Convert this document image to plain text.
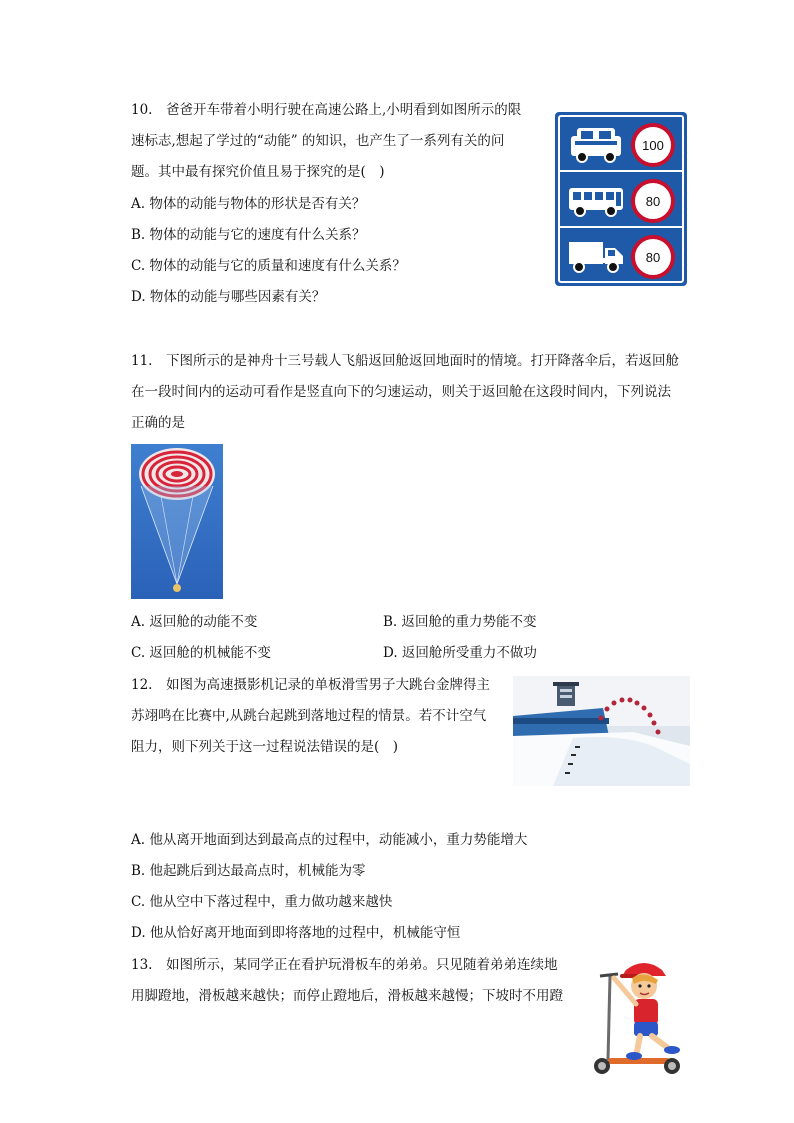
10.　爸爸开车带着小明行驶在高速公路上,小明看到如图所示的限
速标志,想起了学过的“动能” 的知识，也产生了一系列有关的问
题。其中最有探究价值且易于探究的是(　)
A. 物体的动能与物体的形状是否有关？
B. 物体的动能与它的速度有什么关系？
C. 物体的动能与它的质量和速度有什么关系？
D. 物体的动能与哪些因素有关？
100
80
80
11.　下图所示的是神舟十三号载人飞船返回舱返回地面时的情境。打开降落伞后，若返回舱
在一段时间内的运动可看作是竖直向下的匀速运动，则关于返回舱在这段时间内，下列说法
正确的是
A. 返回舱的动能不变	B. 返回舱的重力势能不变
C. 返回舱的机械能不变	D. 返回舱所受重力不做功
12.　如图为高速摄影机记录的单板滑雪男子大跳台金牌得主
苏翊鸣在比赛中,从跳台起跳到落地过程的情景。若不计空气
阻力，则下列关于这一过程说法错误的是(　)
A. 他从离开地面到达到最高点的过程中，动能减小，重力势能增大
B. 他起跳后到达最高点时，机械能为零
C. 他从空中下落过程中，重力做功越来越快
D. 他从恰好离开地面到即将落地的过程中，机械能守恒
13.　如图所示，某同学正在看护玩滑板车的弟弟。只见随着弟弟连续地
用脚蹬地，滑板越来越快；而停止蹬地后，滑板越来越慢；下坡时不用蹬
